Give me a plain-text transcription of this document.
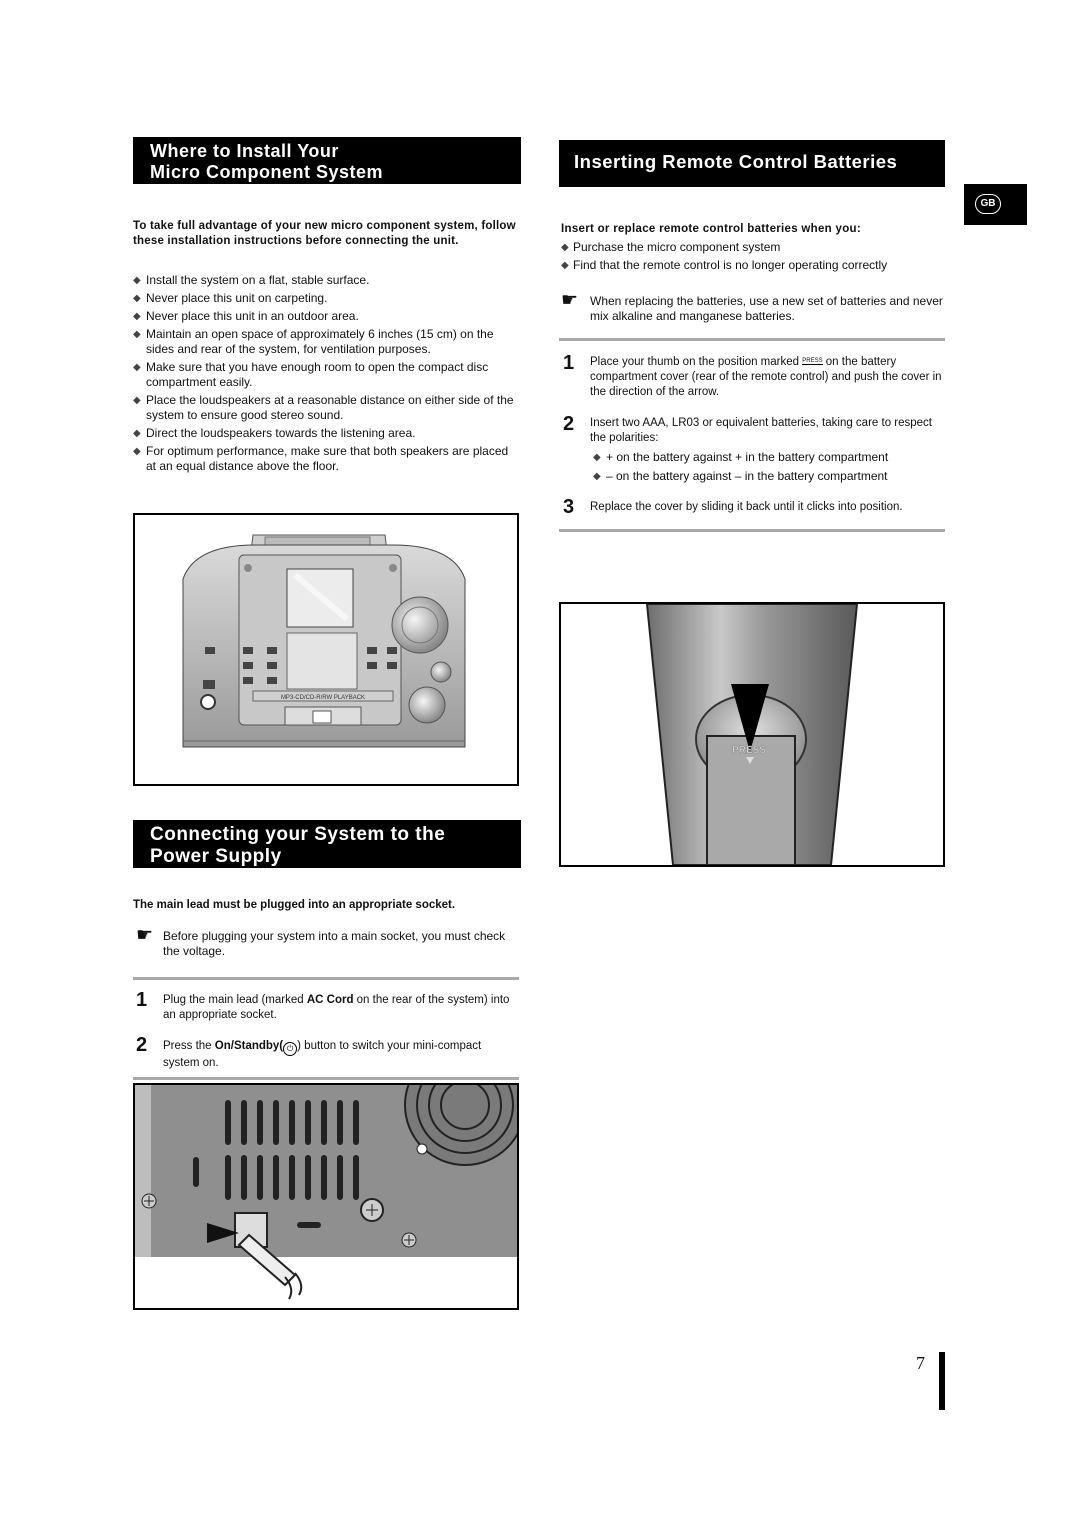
Where to Install Your
Micro Component System
To take full advantage of your new micro component system, follow these installation instructions before connecting the unit.
◆ Install the system on a flat, stable surface.
◆ Never place this unit on carpeting.
◆ Never place this unit in an outdoor area.
◆ Maintain an open space of approximately 6 inches (15 cm) on the sides and rear of the system, for ventilation purposes.
◆ Make sure that you have enough room to open the compact disc compartment easily.
◆ Place the loudspeakers at a reasonable distance on either side of the system to ensure good stereo sound.
◆ Direct the loudspeakers towards the listening area.
◆ For optimum performance, make sure that both speakers are placed at an equal distance above the floor.
MP3-CD/CD-R/RW PLAYBACK
Connecting your System to the
Power Supply
The main lead must be plugged into an appropriate socket.
☛ Before plugging your system into a main socket, you must check the voltage.
1 Plug the main lead (marked AC Cord on the rear of the system) into an appropriate socket.
2 Press the On/Standby( ⏻ ) button to switch your mini-compact system on.
Inserting Remote Control Batteries
GB
Insert or replace remote control batteries when you:
◆ Purchase the micro component system
◆ Find that the remote control is no longer operating correctly
☛ When replacing the batteries, use a new set of batteries and never mix alkaline and manganese batteries.
1 Place your thumb on the position marked PRESS on the battery compartment cover (rear of the remote control) and push the cover in the direction of the arrow.
2 Insert two AAA, LR03 or equivalent batteries, taking care to respect the polarities:
◆ + on the battery against + in the battery compartment
◆ – on the battery against – in the battery compartment
3 Replace the cover by sliding it back until it clicks into position.
PRESS
7
